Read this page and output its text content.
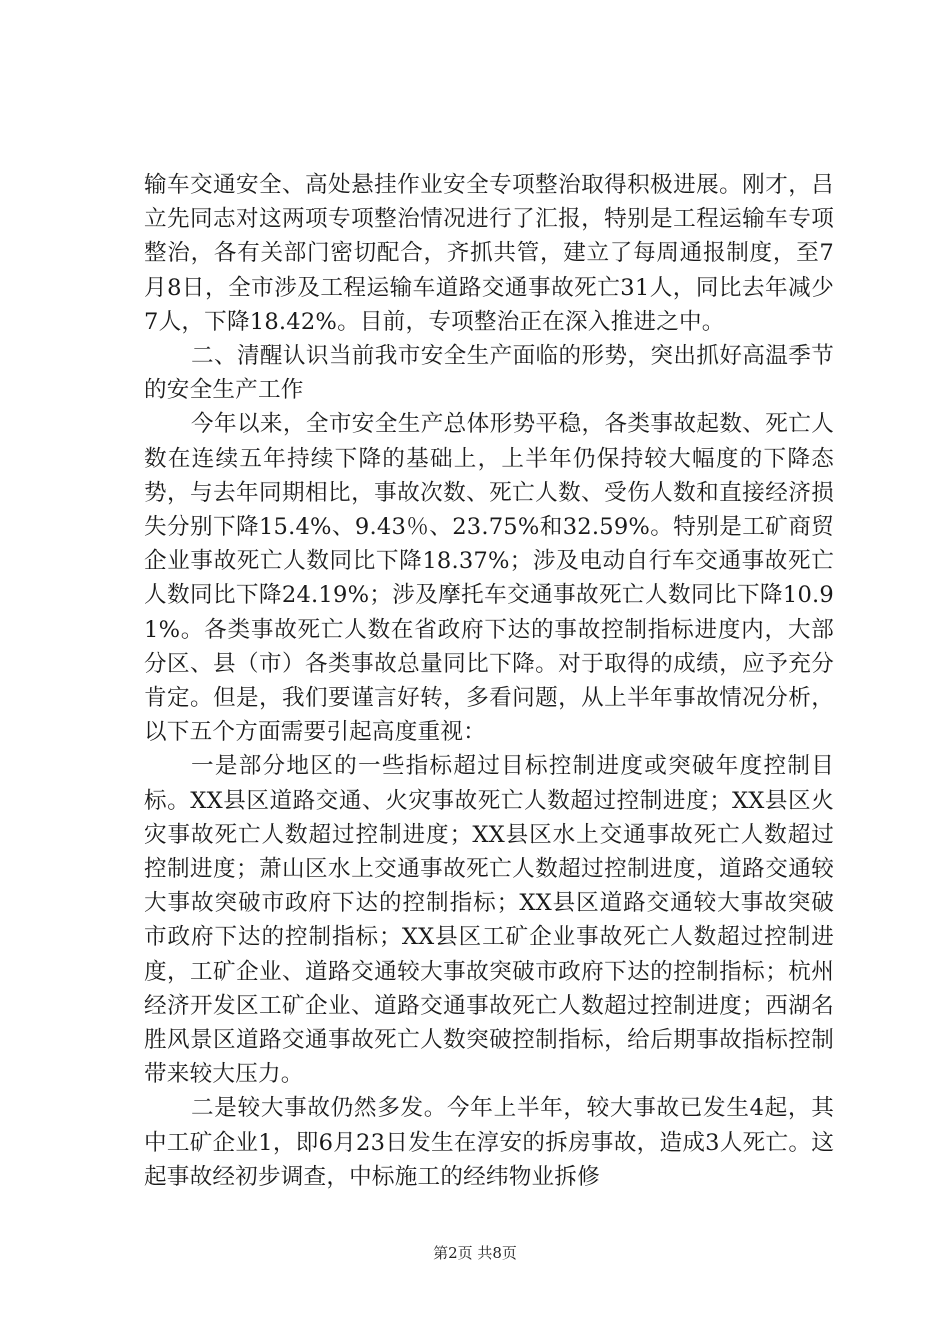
输车交通安全、高处悬挂作业安全专项整治取得积极进展。刚才，吕立先同志对这两项专项整治情况进行了汇报，特别是工程运输车专项整治，各有关部门密切配合，齐抓共管，建立了每周通报制度，至7月8日，全市涉及工程运输车道路交通事故死亡31人，同比去年减少7人，下降18.42%。目前，专项整治正在深入推进之中。

二、清醒认识当前我市安全生产面临的形势，突出抓好高温季节的安全生产工作

今年以来，全市安全生产总体形势平稳，各类事故起数、死亡人数在连续五年持续下降的基础上，上半年仍保持较大幅度的下降态势，与去年同期相比，事故次数、死亡人数、受伤人数和直接经济损失分别下降15.4%、9.43％、23.75%和32.59%。特别是工矿商贸企业事故死亡人数同比下降18.37%；涉及电动自行车交通事故死亡人数同比下降24.19%；涉及摩托车交通事故死亡人数同比下降10.91%。各类事故死亡人数在省政府下达的事故控制指标进度内，大部分区、县（市）各类事故总量同比下降。对于取得的成绩，应予充分肯定。但是，我们要谨言好转，多看问题，从上半年事故情况分析，以下五个方面需要引起高度重视：

一是部分地区的一些指标超过目标控制进度或突破年度控制目标。XX县区道路交通、火灾事故死亡人数超过控制进度；XX县区火灾事故死亡人数超过控制进度；XX县区水上交通事故死亡人数超过控制进度；萧山区水上交通事故死亡人数超过控制进度，道路交通较大事故突破市政府下达的控制指标；XX县区道路交通较大事故突破市政府下达的控制指标；XX县区工矿企业事故死亡人数超过控制进度，工矿企业、道路交通较大事故突破市政府下达的控制指标；杭州经济开发区工矿企业、道路交通事故死亡人数超过控制进度；西湖名胜风景区道路交通事故死亡人数突破控制指标，给后期事故指标控制带来较大压力。

二是较大事故仍然多发。今年上半年，较大事故已发生4起，其中工矿企业1，即6月23日发生在淳安的拆房事故，造成3人死亡。这起事故经初步调查，中标施工的经纬物业拆修

第2页 共8页
